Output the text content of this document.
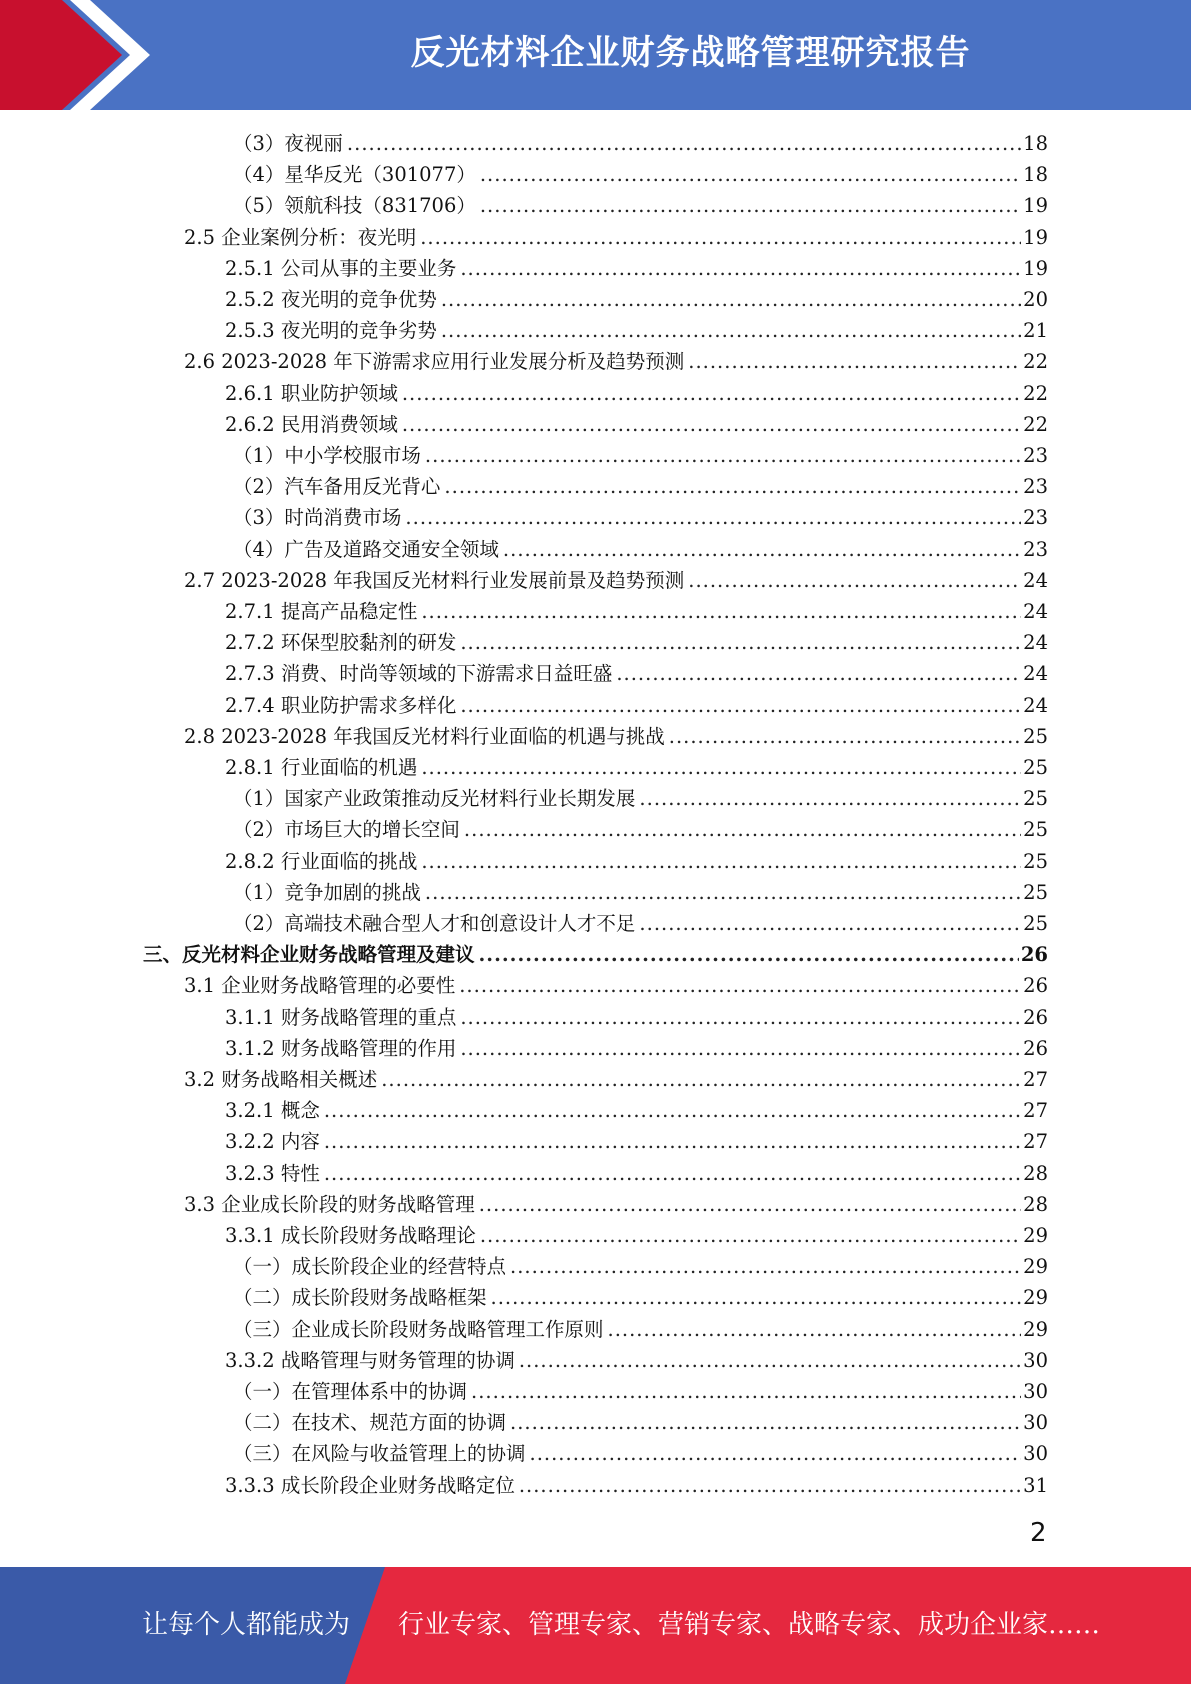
反光材料企业财务战略管理研究报告
（3）夜视丽 .....	18
（4）星华反光（301077） .....	18
（5）领航科技（831706） .....	19
2.5 企业案例分析：夜光明 .....	19
2.5.1 公司从事的主要业务 .....	19
2.5.2 夜光明的竞争优势 .....	20
2.5.3 夜光明的竞争劣势 .....	21
2.6 2023-2028 年下游需求应用行业发展分析及趋势预测 .....	22
2.6.1 职业防护领域 .....	22
2.6.2 民用消费领域 .....	22
（1）中小学校服市场 .....	23
（2）汽车备用反光背心 .....	23
（3）时尚消费市场 .....	23
（4）广告及道路交通安全领域 .....	23
2.7 2023-2028 年我国反光材料行业发展前景及趋势预测 .....	24
2.7.1 提高产品稳定性 .....	24
2.7.2 环保型胶黏剂的研发 .....	24
2.7.3 消费、时尚等领域的下游需求日益旺盛 .....	24
2.7.4 职业防护需求多样化 .....	24
2.8 2023-2028 年我国反光材料行业面临的机遇与挑战 .....	25
2.8.1 行业面临的机遇 .....	25
（1）国家产业政策推动反光材料行业长期发展 .....	25
（2）市场巨大的增长空间 .....	25
2.8.2 行业面临的挑战 .....	25
（1）竞争加剧的挑战 .....	25
（2）高端技术融合型人才和创意设计人才不足 .....	25
三、反光材料企业财务战略管理及建议 .....	26
3.1 企业财务战略管理的必要性 .....	26
3.1.1 财务战略管理的重点 .....	26
3.1.2 财务战略管理的作用 .....	26
3.2 财务战略相关概述 .....	27
3.2.1 概念 .....	27
3.2.2 内容 .....	27
3.2.3 特性 .....	28
3.3 企业成长阶段的财务战略管理 .....	28
3.3.1 成长阶段财务战略理论 .....	29
（一）成长阶段企业的经营特点 .....	29
（二）成长阶段财务战略框架 .....	29
（三）企业成长阶段财务战略管理工作原则 .....	29
3.3.2 战略管理与财务管理的协调 .....	30
（一）在管理体系中的协调 .....	30
（二）在技术、规范方面的协调 .....	30
（三）在风险与收益管理上的协调 .....	30
3.3.3 成长阶段企业财务战略定位 .....	31
2
让每个人都能成为 行业专家、管理专家、营销专家、战略专家、成功企业家……
